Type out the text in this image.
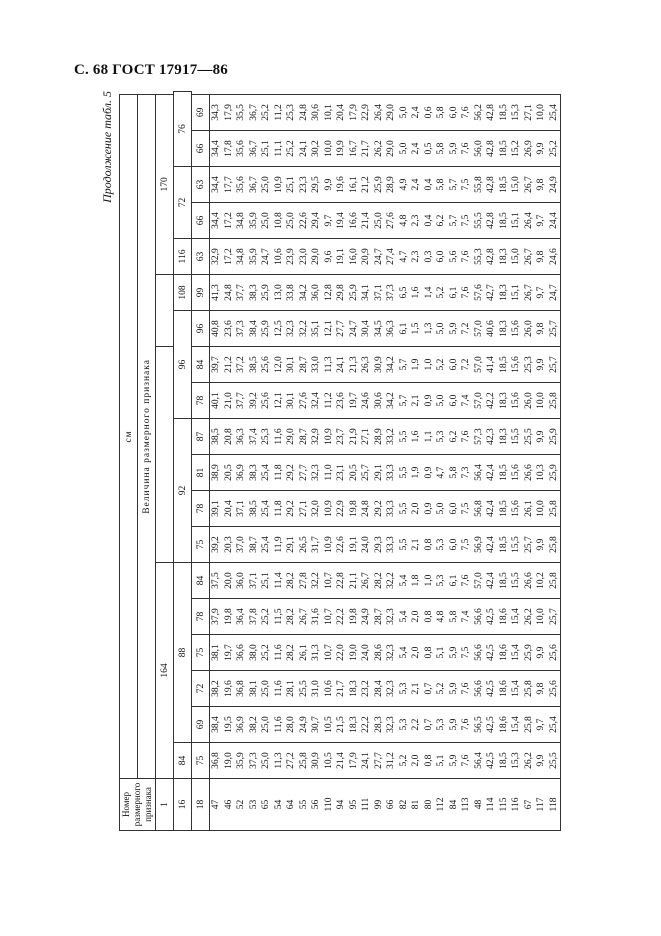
С. 68 ГОСТ 17917—86
Продолжение табл. 5
Номер размерного признака	см																		
	Величина размерного признака																		
1	164														170				
16	84	88					92				96			108	116	72		76	
18	75	69	72	75	78	84	75	78	81	87	78	84	96	99	63	66	63	66	69
47	36,8	38,4	38,2	38,1	37,9	37,5	39,2	39,1	38,9	38,5	40,1	39,7	40,8	41,3	32,9	34,4	34,4	34,4	34,3
46	19,0	19,5	19,6	19,7	19,8	20,0	20,3	20,4	20,5	20,8	21,0	21,2	23,6	24,8	17,2	17,2	17,7	17,8	17,9
52	35,9	36,9	36,8	36,6	36,4	36,0	37,0	37,1	36,9	36,3	37,7	37,2	37,3	37,7	34,8	34,8	35,6	35,6	35,5
53	37,3	38,2	38,1	38,0	37,8	37,1	38,7	38,5	38,3	37,4	39,2	38,5	38,4	38,3	35,9	35,9	36,7	36,7	36,7
65	25,0	25,0	25,0	25,2	25,2	25,1	25,4	25,4	25,4	25,3	25,6	25,6	25,9	25,9	24,7	25,0	25,0	25,1	25,2
54	11,3	11,6	11,6	11,6	11,5	11,4	11,9	11,8	11,8	11,6	12,1	12,0	12,5	13,0	10,6	10,8	10,9	11,1	11,2
64	27,2	28,0	28,1	28,2	28,2	28,2	29,1	29,2	29,2	29,0	30,1	30,1	32,3	33,8	23,9	25,0	25,1	25,2	25,3
55	25,8	24,9	25,5	26,1	26,7	27,8	26,5	27,1	27,7	28,7	27,6	28,7	32,2	34,2	23,0	22,6	23,3	24,1	24,8
56	30,9	30,7	31,0	31,3	31,6	32,2	31,7	32,0	32,3	32,9	32,4	33,0	35,1	36,0	29,0	29,4	29,5	30,2	30,6
110	10,5	10,5	10,6	10,7	10,7	10,7	10,9	10,9	11,0	10,9	11,2	11,3	12,1	12,8	9,6	9,7	9,9	10,0	10,1
94	21,4	21,5	21,7	22,0	22,2	22,8	22,6	22,9	23,1	23,7	23,6	24,1	27,7	29,8	19,1	19,4	19,6	19,9	20,4
95	17,9	18,3	18,3	19,0	19,8	21,1	19,1	19,8	20,5	21,9	19,7	21,3	24,7	25,9	16,0	16,6	16,1	16,7	17,9
111	24,1	22,2	23,2	24,0	24,9	26,7	24,0	24,8	25,7	27,1	24,6	26,3	30,4	34,1	20,9	21,4	21,2	21,7	22,9
99	27,7	28,3	28,4	28,6	28,7	28,2	29,3	29,2	29,1	28,9	30,6	30,9	34,5	37,1	24,7	25,0	25,9	26,2	26,4
66	31,2	32,3	32,3	32,3	32,3	32,2	33,3	33,3	33,3	33,2	34,2	34,2	36,3	37,3	27,4	27,6	28,9	29,0	29,0
82	5,2	5,3	5,3	5,4	5,4	5,4	5,5	5,5	5,5	5,5	5,7	5,7	6,1	6,5	4,7	4,8	4,9	5,0	5,0
81	2,0	2,2	2,1	2,0	2,0	1,8	2,1	2,0	1,9	1,6	2,1	1,9	1,5	1,6	2,3	2,3	2,4	2,4	2,4
80	0,8	0,7	0,7	0,8	0,8	1,0	0,8	0,9	0,9	1,1	0,9	1,0	1,3	1,4	0,3	0,4	0,4	0,5	0,6
112	5,1	5,3	5,2	5,1	4,8	5,3	5,3	5,0	4,7	5,3	5,0	5,2	5,0	5,2	6,0	6,2	5,8	5,8	5,8
84	5,9	5,9	5,9	5,9	5,8	6,1	6,0	6,0	5,8	6,2	6,0	6,0	5,9	6,1	5,6	5,7	5,7	5,9	6,0
113	7,6	7,6	7,6	7,5	7,4	7,6	7,5	7,5	7,3	7,6	7,4	7,2	7,2	7,6	7,6	7,5	7,5	7,6	7,6
48	56,4	56,5	56,6	56,6	56,6	57,0	56,9	56,8	56,4	57,3	57,0	57,0	57,0	57,6	55,3	55,5	55,8	56,0	56,2
114	42,5	42,5	42,5	42,5	42,5	42,4	42,4	42,4	42,4	42,3	42,2	41,4	40,6	42,7	42,8	42,8	42,8	42,8	42,8
115	18,5	18,6	18,6	18,6	18,6	18,5	18,5	18,5	18,5	18,3	18,3	18,5	18,3	18,3	18,3	18,5	18,5	18,5	18,5
116	15,3	15,4	15,4	15,4	15,4	15,5	15,5	15,6	15,6	15,5	15,6	15,6	15,6	15,1	15,0	15,1	15,0	15,2	15,3
67	26,2	25,8	25,8	25,9	26,2	26,6	25,7	26,1	26,6	25,5	26,0	25,3	26,0	26,7	26,7	26,4	26,7	26,9	27,1
117	9,9	9,7	9,8	9,9	10,0	10,2	9,9	10,0	10,3	9,9	10,0	9,9	9,8	9,7	9,8	9,7	9,8	9,9	10,0
118	25,5	25,4	25,6	25,6	25,7	25,8	25,8	25,8	25,9	25,9	25,8	25,7	25,7	24,7	24,6	24,4	24,9	25,2	25,4
